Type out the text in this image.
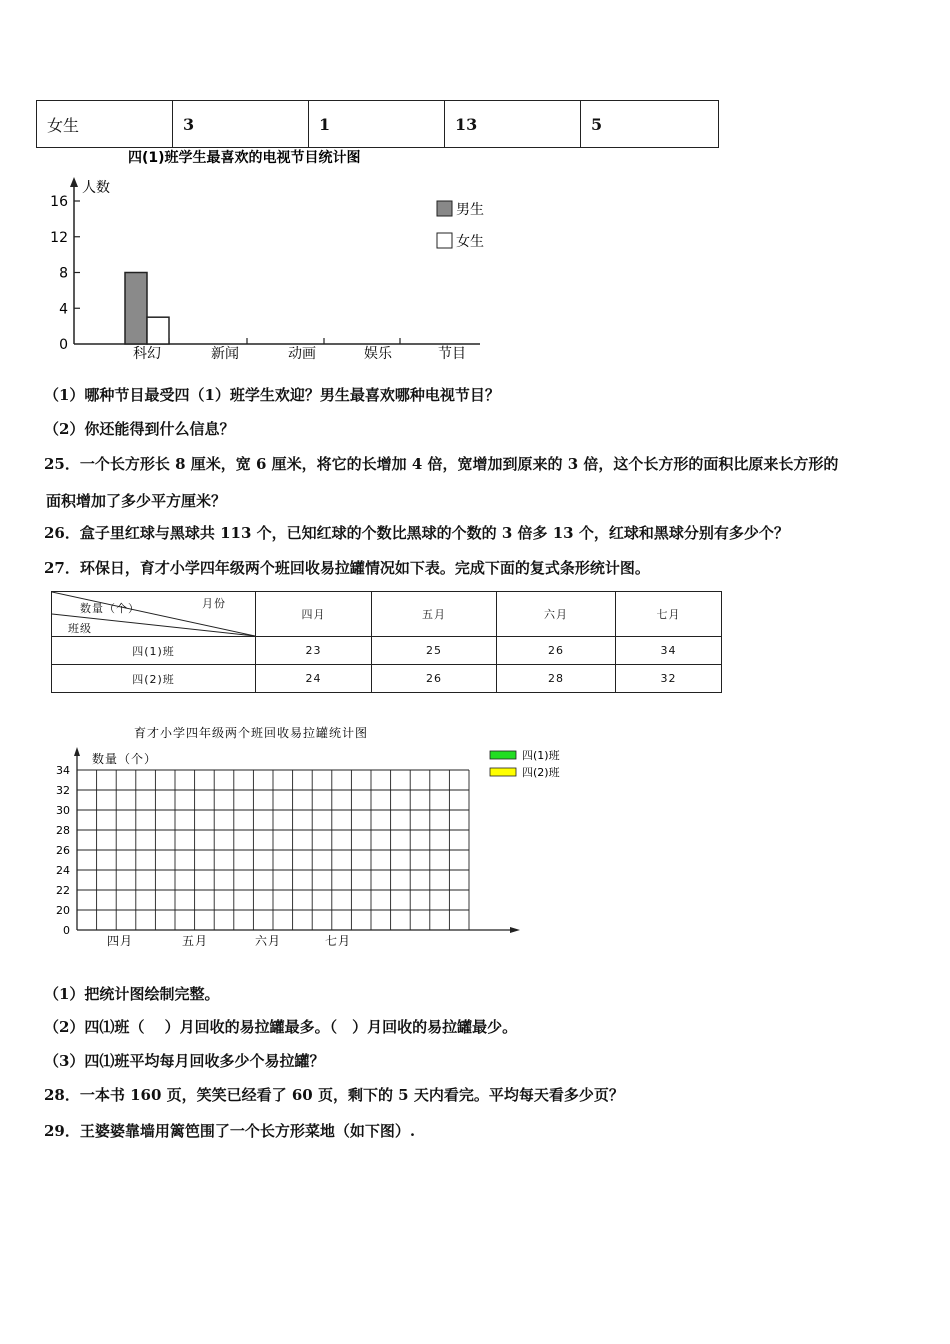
女生	3	1	13	5
四(1)班学生最喜欢的电视节目统计图
人数
节目
0
4
8
12
16
科幻	新闻	动画	娱乐
男生
女生
（1）哪种节目最受四（1）班学生欢迎？男生最喜欢哪种电视节目？
（2）你还能得到什么信息？
25．一个长方形长 8 厘米，宽 6 厘米，将它的长增加 4 倍，宽增加到原来的 3 倍，这个长方形的面积比原来长方形的
面积增加了多少平方厘米？
26．盒子里红球与黑球共 113 个，已知红球的个数比黑球的个数的 3 倍多 13 个，红球和黑球分别有多少个？
27．环保日，育才小学四年级两个班回收易拉罐情况如下表。完成下面的复式条形统计图。
月份
数量（个）
班级	四月	五月	六月	七月
四(1)班	23	25	26	34
四(2)班	24	26	28	32
育才小学四年级两个班回收易拉罐统计图
数量（个）
0
20
22
24
26
28
30
32
34
四月	五月	六月	七月
四(1)班
四(2)班
（1）把统计图绘制完整。
（2）四⑴班（　 ）月回收的易拉罐最多。（　）月回收的易拉罐最少。
（3）四⑴班平均每月回收多少个易拉罐？
28．一本书 160 页，笑笑已经看了 60 页，剩下的 5 天内看完。平均每天看多少页？
29．王婆婆靠墙用篱笆围了一个长方形菜地（如下图）.
